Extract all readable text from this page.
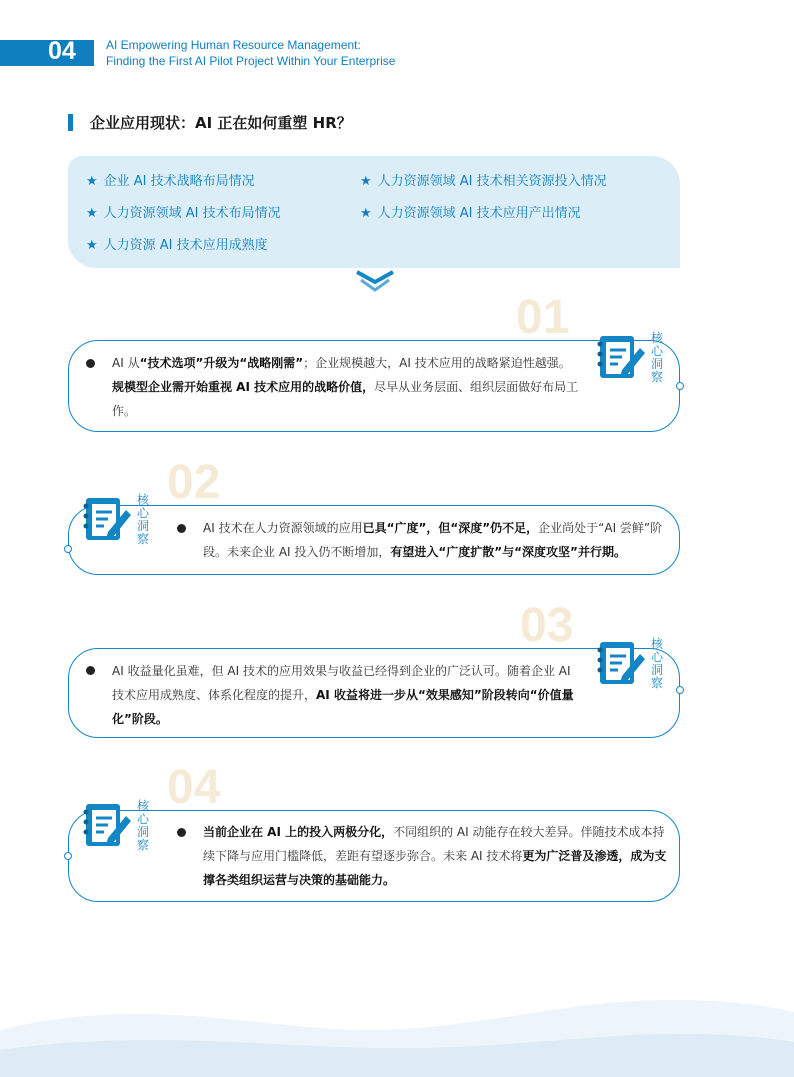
04	AI Empowering Human Resource Management:
Finding the First AI Pilot Project Within Your Enterprise
企业应用现状：AI 正在如何重塑 HR？
★ 企业 AI 技术战略布局情况	★ 人力资源领域 AI 技术相关资源投入情况
★ 人力资源领域 AI 技术布局情况	★ 人力资源领域 AI 技术应用产出情况
★ 人力资源 AI 技术应用成熟度
01
AI 从“技术选项”升级为“战略刚需”；企业规模越大，AI 技术应用的战略紧迫性越强。
规模型企业需开始重视 AI 技术应用的战略价值，尽早从业务层面、组织层面做好布局工作。
核心洞察
02
AI 技术在人力资源领域的应用已具“广度”，但“深度”仍不足，企业尚处于“AI 尝鲜”阶段。未来企业 AI 投入仍不断增加，有望进入“广度扩散”与“深度攻坚”并行期。
核心洞察
03
AI 收益量化虽难，但 AI 技术的应用效果与收益已经得到企业的广泛认可。随着企业 AI 技术应用成熟度、体系化程度的提升，AI 收益将进一步从“效果感知”阶段转向“价值量化”阶段。
核心洞察
04
当前企业在 AI 上的投入两极分化，不同组织的 AI 动能存在较大差异。伴随技术成本持续下降与应用门槛降低，差距有望逐步弥合。未来 AI 技术将更为广泛普及渗透，成为支撑各类组织运营与决策的基础能力。
核心洞察
